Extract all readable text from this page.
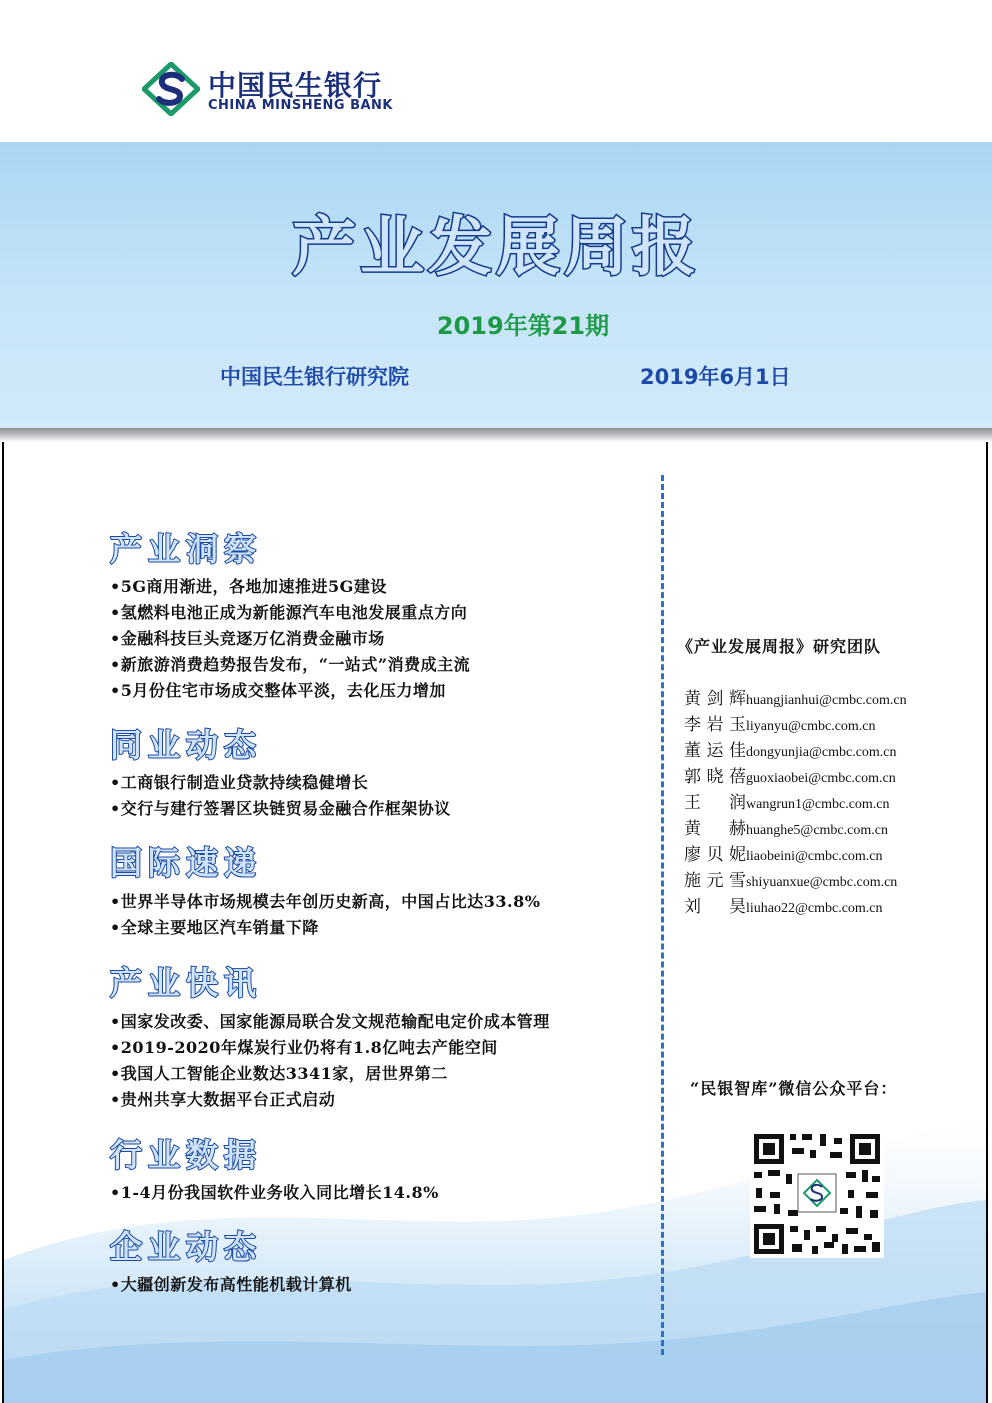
中国民生银行
CHINA MINSHENG BANK
产业发展周报
2019年第21期
中国民生银行研究院	2019年6月1日
产业洞察
•5G商用渐进，各地加速推进5G建设
•氢燃料电池正成为新能源汽车电池发展重点方向
•金融科技巨头竞逐万亿消费金融市场
•新旅游消费趋势报告发布，“一站式”消费成主流
•5月份住宅市场成交整体平淡，去化压力增加
同业动态
•工商银行制造业贷款持续稳健增长
•交行与建行签署区块链贸易金融合作框架协议
国际速递
•世界半导体市场规模去年创历史新高，中国占比达33.8%
•全球主要地区汽车销量下降
产业快讯
•国家发改委、国家能源局联合发文规范输配电定价成本管理
•2019-2020年煤炭行业仍将有1.8亿吨去产能空间
•我国人工智能企业数达3341家，居世界第二
•贵州共享大数据平台正式启动
行业数据
•1-4月份我国软件业务收入同比增长14.8%
企业动态
•大疆创新发布高性能机载计算机
《产业发展周报》研究团队
黄剑辉huangjianhui@cmbc.com.cn
李岩玉liyanyu@cmbc.com.cn
董运佳dongyunjia@cmbc.com.cn
郭晓蓓guoxiaobei@cmbc.com.cn
王 润wangrun1@cmbc.com.cn
黄 赫huanghe5@cmbc.com.cn
廖贝妮liaobeini@cmbc.com.cn
施元雪shiyuanxue@cmbc.com.cn
刘 昊liuhao22@cmbc.com.cn
“民银智库”微信公众平台：
